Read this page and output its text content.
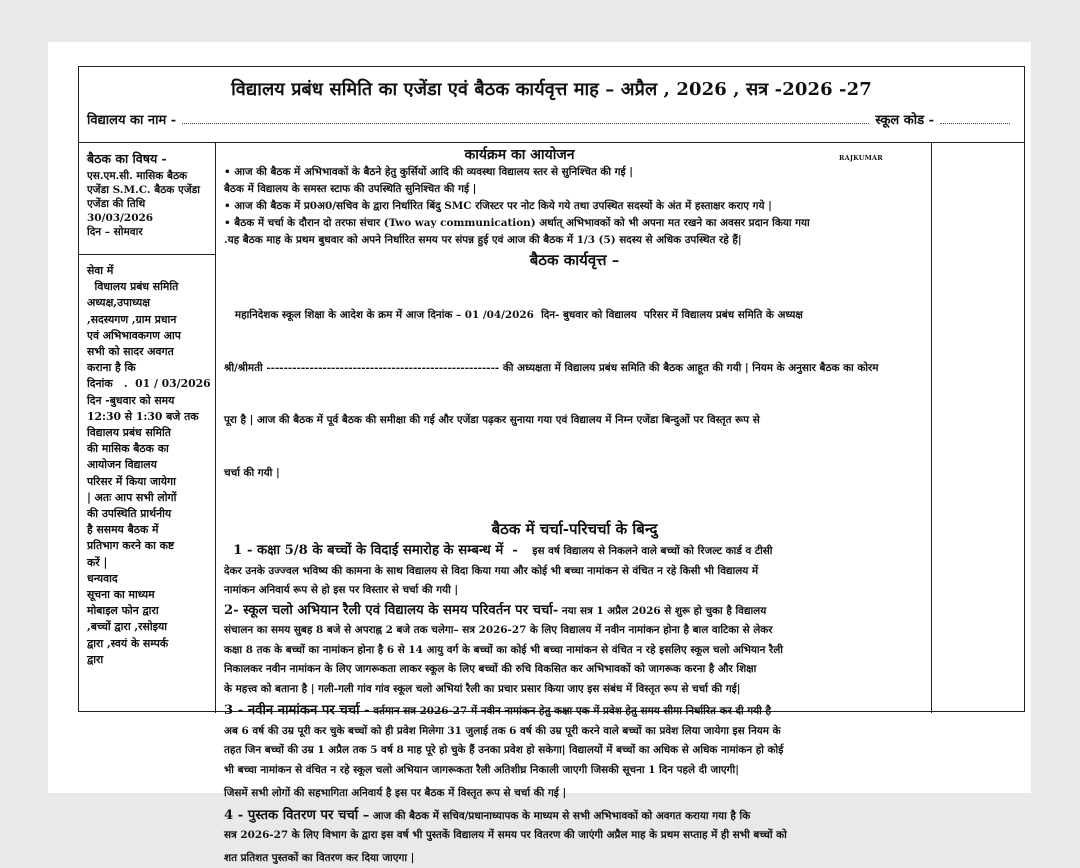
विद्यालय प्रबंध समिति का एजेंडा एवं बैठक कार्यवृत्त माह – अप्रैल , 2026 , सत्र -2026 -27
विद्यालय का नाम -	स्कूल कोड -
बैठक का विषय -
एस.एम.सी. मासिक बैठक
एजेंडा S.M.C. बैठक एजेंडा
एजेंडा की तिथि
30/03/2026
दिन – सोमवार
सेवा में
विधालय प्रबंध समिति
अध्यक्ष,उपाध्यक्ष
,सदस्यगण ,ग्राम प्रधान
एवं अभिभावकगण आप
सभी को सादर अवगत
कराना है कि
दिनांक   .  01 / 03/2026
दिन -बुधवार को समय
12:30 से 1:30 बजे तक
विद्यालय प्रबंध समिति
की मासिक बैठक का
आयोजन विद्यालय
परिसर में किया जायेगा
| अतः आप सभी लोगों
की उपस्थिति प्रार्थनीय
है ससमय बैठक में
प्रतिभाग करने का कष्ट
करें |
धन्यवाद
सूचना का माध्यम
मोबाइल फोन द्वारा
,बच्चों द्वारा ,रसोइया
द्वारा ,स्वयं के सम्पर्क
द्वारा
कार्यक्रम का आयोजन	RAJKUMAR

• आज की बैठक में अभिभावकों के बैठने हेतु कुर्सियों आदि की व्यवस्था विद्यालय स्तर से सुनिश्चित की गई |

बैठक में विद्यालय के समस्त स्टाफ की उपस्थिति सुनिश्चित की गई |

• आज की बैठक में प्र0अ0/सचिव के द्वारा निर्धारित बिंदु SMC रजिस्टर पर नोट किये गये तथा उपस्थित सदस्यों के अंत में हस्ताक्षर कराए गये |

• बैठक में चर्चा के दौरान दो तरफा संचार (Two way communication) अर्थात् अभिभावकों को भी अपना मत रखने का अवसर प्रदान किया गया

.यह बैठक माह के प्रथम बुधवार को अपने निर्धारित समय पर संपन्न हुई एवं आज की बैठक में 1/3 (5) सदस्य से अधिक उपस्थित रहे हैं|

बैठक कार्यवृत्त –

महानिदेशक स्कूल शिक्षा के आदेश के क्रम में आज दिनांक – 01 /04/2026  दिन- बुधवार को विद्यालय  परिसर में विद्यालय प्रबंध समिति के अध्यक्ष

श्री/श्रीमती ------------------------------------------------------ की अध्यक्षता में विद्यालय प्रबंध समिति की बैठक आहूत की गयी | नियम के अनुसार बैठक का कोरम

पूरा है | आज की बैठक में पूर्व बैठक की समीक्षा की गई और एजेंडा पढ़कर सुनाया गया एवं विद्यालय में निम्न एजेंडा बिन्दुओं पर विस्तृत रूप से

चर्चा की गयी |

बैठक में चर्चा-परिचर्चा के बिन्दु

1 - कक्षा 5/8 के बच्चों के विदाई समारोह के सम्बन्ध में  -    इस वर्ष विद्यालय से निकलने वाले बच्चों को रिजल्ट कार्ड व टीसी

देकर उनके उज्ज्वल भविष्य की कामना के साथ विद्यालय से विदा किया गया और कोई भी बच्चा नामांकन से वंचित न रहे किसी भी विद्यालय में

नामांकन अनिवार्य रूप से हो इस पर विस्तार से चर्चा की गयी |

2- स्कूल चलो अभियान रैली एवं विद्यालय के समय परिवर्तन पर चर्चा- नया सत्र 1 अप्रैल 2026 से शुरू हो चुका है विद्यालय

संचालन का समय सुबह 8 बजे से अपराह्न 2 बजे तक चलेगा– सत्र 2026-27 के लिए विद्यालय में नवीन नामांकन होना है बाल वाटिका से लेकर

कक्षा 8 तक के बच्चों का नामांकन होना है 6 से 14 आयु वर्ग के बच्चों का कोई भी बच्चा नामांकन से वंचित न रहे इसलिए स्कूल चलो अभियान रैली

निकालकर नवीन नामांकन के लिए जागरूकता लाकर स्कूल के लिए बच्चों की रुचि विकसित कर अभिभावकों को जागरूक करना है और शिक्षा

के महत्त्व को बताना है | गली-गली गांव गांव स्कूल चलो अभियां रैली का प्रचार प्रसार किया जाए इस संबंध में विस्तृत रूप से चर्चा की गई|

3 - नवीन नामांकन पर चर्चा - वर्तमान सत्र 2026-27 में नवीन नामांकन हेतु कक्षा एक में प्रवेश हेतु समय सीमा निर्धारित कर दी गयी है

अब 6 वर्ष की उम्र पूरी कर चुके बच्चों को ही प्रवेश मिलेगा 31 जुलाई तक 6 वर्ष की उम्र पूरी करने वाले बच्चों का प्रवेश लिया जायेगा इस नियम के

तहत जिन बच्चों की उम्र 1 अप्रैल तक 5 वर्ष 8 माह पूरे हो चुके हैं उनका प्रवेश हो सकेगा| विद्यालयों में बच्चों का अधिक से अधिक नामांकन हो कोई

भी बच्चा नामांकन से वंचित न रहे स्कूल चलो अभियान जागरूकता रैली अतिशीघ्र निकाली जाएगी जिसकी सूचना 1 दिन पहले दी जाएगी|

जिसमें सभी लोगों की सहभागिता अनिवार्य है इस पर बैठक में विस्तृत रूप से चर्चा की गई |

4 - पुस्तक वितरण पर चर्चा – आज की बैठक में सचिव/प्रधानाध्यापक के माध्यम से सभी अभिभावकों को अवगत कराया गया है कि

सत्र 2026-27 के लिए विभाग के द्वारा इस वर्ष भी पुस्तकें विद्यालय में समय पर वितरण की जाएंगी अप्रैल माह के प्रथम सप्ताह में ही सभी बच्चों को

शत प्रतिशत पुस्तकों का वितरण कर दिया जाएगा |
